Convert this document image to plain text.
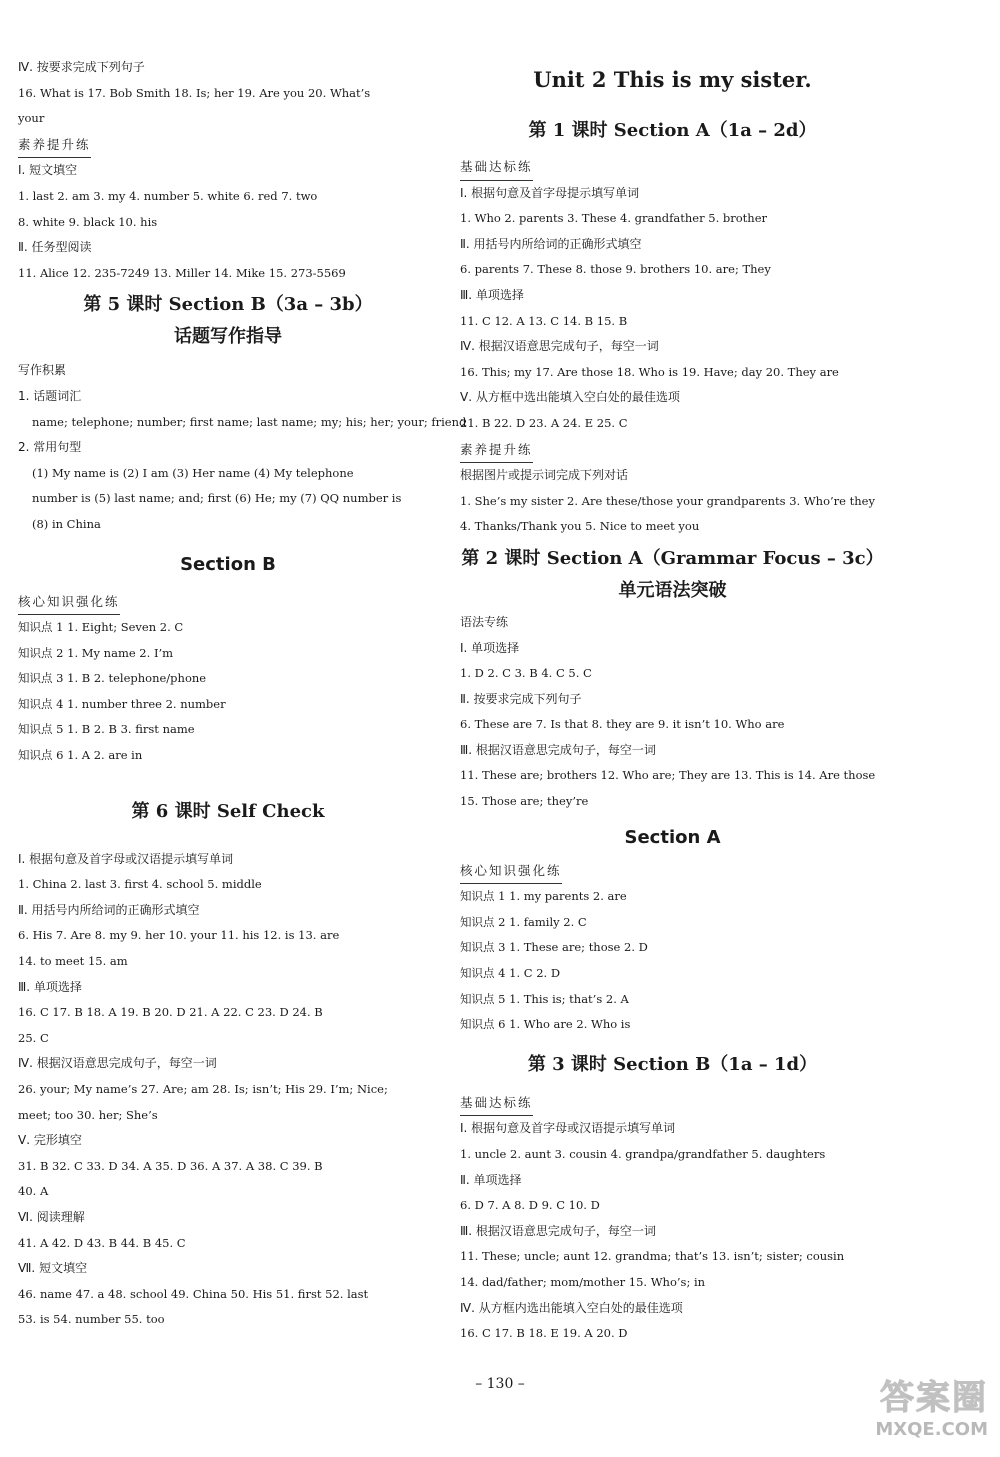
Ⅳ. 按要求完成下列句子
16. What is 17. Bob Smith 18. Is; her 19. Are you 20. What’s
your
素养提升练
Ⅰ. 短文填空
1. last 2. am 3. my 4. number 5. white 6. red 7. two
8. white 9. black 10. his
Ⅱ. 任务型阅读
11. Alice 12. 235-7249 13. Miller 14. Mike 15. 273-5569
第 5 课时 Section B（3a – 3b）
话题写作指导
写作积累
1. 话题词汇
name; telephone; number; first name; last name; my; his; her; your; friend
2. 常用句型
(1) My name is (2) I am (3) Her name (4) My telephone
number is (5) last name; and; first (6) He; my (7) QQ number is
(8) in China
Section B
核心知识强化练
知识点 1 1. Eight; Seven 2. C
知识点 2 1. My name 2. I’m
知识点 3 1. B 2. telephone/phone
知识点 4 1. number three 2. number
知识点 5 1. B 2. B 3. first name
知识点 6 1. A 2. are in
第 6 课时 Self Check
Ⅰ. 根据句意及首字母或汉语提示填写单词
1. China 2. last 3. first 4. school 5. middle
Ⅱ. 用括号内所给词的正确形式填空
6. His 7. Are 8. my 9. her 10. your 11. his 12. is 13. are
14. to meet 15. am
Ⅲ. 单项选择
16. C 17. B 18. A 19. B 20. D 21. A 22. C 23. D 24. B
25. C
Ⅳ. 根据汉语意思完成句子，每空一词
26. your; My name’s 27. Are; am 28. Is; isn’t; His 29. I’m; Nice;
meet; too 30. her; She’s
Ⅴ. 完形填空
31. B 32. C 33. D 34. A 35. D 36. A 37. A 38. C 39. B
40. A
Ⅵ. 阅读理解
41. A 42. D 43. B 44. B 45. C
Ⅶ. 短文填空
46. name 47. a 48. school 49. China 50. His 51. first 52. last
53. is 54. number 55. too
Unit 2 This is my sister.
第 1 课时 Section A（1a – 2d）
基础达标练
Ⅰ. 根据句意及首字母提示填写单词
1. Who 2. parents 3. These 4. grandfather 5. brother
Ⅱ. 用括号内所给词的正确形式填空
6. parents 7. These 8. those 9. brothers 10. are; They
Ⅲ. 单项选择
11. C 12. A 13. C 14. B 15. B
Ⅳ. 根据汉语意思完成句子，每空一词
16. This; my 17. Are those 18. Who is 19. Have; day 20. They are
Ⅴ. 从方框中选出能填入空白处的最佳选项
21. B 22. D 23. A 24. E 25. C
素养提升练
根据图片或提示词完成下列对话
1. She’s my sister 2. Are these/those your grandparents 3. Who’re they
4. Thanks/Thank you 5. Nice to meet you
第 2 课时 Section A（Grammar Focus – 3c）
单元语法突破
语法专练
Ⅰ. 单项选择
1. D 2. C 3. B 4. C 5. C
Ⅱ. 按要求完成下列句子
6. These are 7. Is that 8. they are 9. it isn’t 10. Who are
Ⅲ. 根据汉语意思完成句子，每空一词
11. These are; brothers 12. Who are; They are 13. This is 14. Are those
15. Those are; they’re
Section A
核心知识强化练
知识点 1 1. my parents 2. are
知识点 2 1. family 2. C
知识点 3 1. These are; those 2. D
知识点 4 1. C 2. D
知识点 5 1. This is; that’s 2. A
知识点 6 1. Who are 2. Who is
第 3 课时 Section B（1a – 1d）
基础达标练
Ⅰ. 根据句意及首字母或汉语提示填写单词
1. uncle 2. aunt 3. cousin 4. grandpa/grandfather 5. daughters
Ⅱ. 单项选择
6. D 7. A 8. D 9. C 10. D
Ⅲ. 根据汉语意思完成句子，每空一词
11. These; uncle; aunt 12. grandma; that’s 13. isn’t; sister; cousin
14. dad/father; mom/mother 15. Who’s; in
Ⅳ. 从方框内选出能填入空白处的最佳选项
16. C 17. B 18. E 19. A 20. D
– 130 –	答案圈
MXQE.COM
